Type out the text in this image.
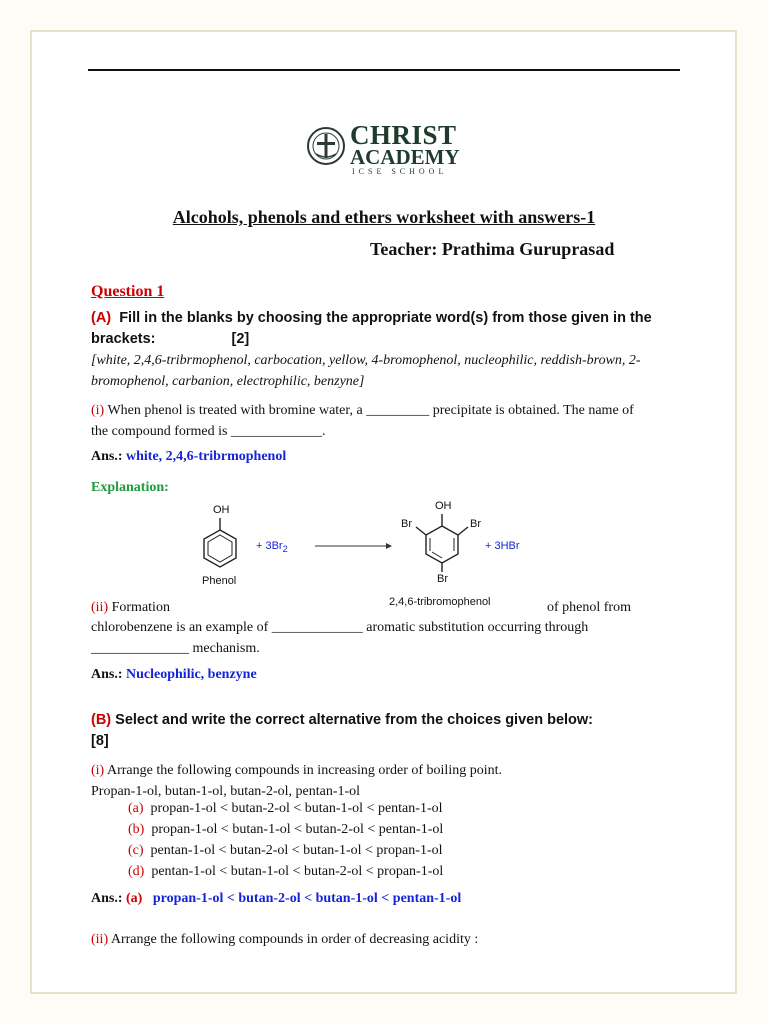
CHRIST
ACADEMY
ICSE SCHOOL
Alcohols, phenols and ethers worksheet with answers-1
Teacher: Prathima Guruprasad
Question 1
(A) Fill in the blanks by choosing the appropriate word(s) from those given in the brackets:	[2]
[white, 2,4,6-tribrmophenol, carbocation, yellow, 4-bromophenol, nucleophilic, reddish-brown, 2-bromophenol, carbanion, electrophilic, benzyne]
(i) When phenol is treated with bromine water, a _________ precipitate is obtained. The name of
the compound formed is _____________.
Ans.: white, 2,4,6-tribrmophenol
Explanation:
OH
+ $3Br_2$
Phenol
OH
Br	Br
Br
+ 3HBr
2,4,6-tribromophenol
(ii) Formation	of phenol from
chlorobenzene is an example of _____________ aromatic substitution occurring through
______________ mechanism.
Ans.: Nucleophilic, benzyne
(B) Select and write the correct alternative from the choices given below:
[8]
(i) Arrange the following compounds in increasing order of boiling point.
Propan-1-ol, butan-1-ol, butan-2-ol, pentan-1-ol
(a) propan-1-ol < butan-2-ol < butan-1-ol < pentan-1-ol
(b) propan-1-ol < butan-1-ol < butan-2-ol < pentan-1-ol
(c) pentan-1-ol < butan-2-ol < butan-1-ol < propan-1-ol
(d) pentan-1-ol < butan-1-ol < butan-2-ol < propan-1-ol
Ans.: (a) propan-1-ol < butan-2-ol < butan-1-ol < pentan-1-ol
(ii) Arrange the following compounds in order of decreasing acidity :
